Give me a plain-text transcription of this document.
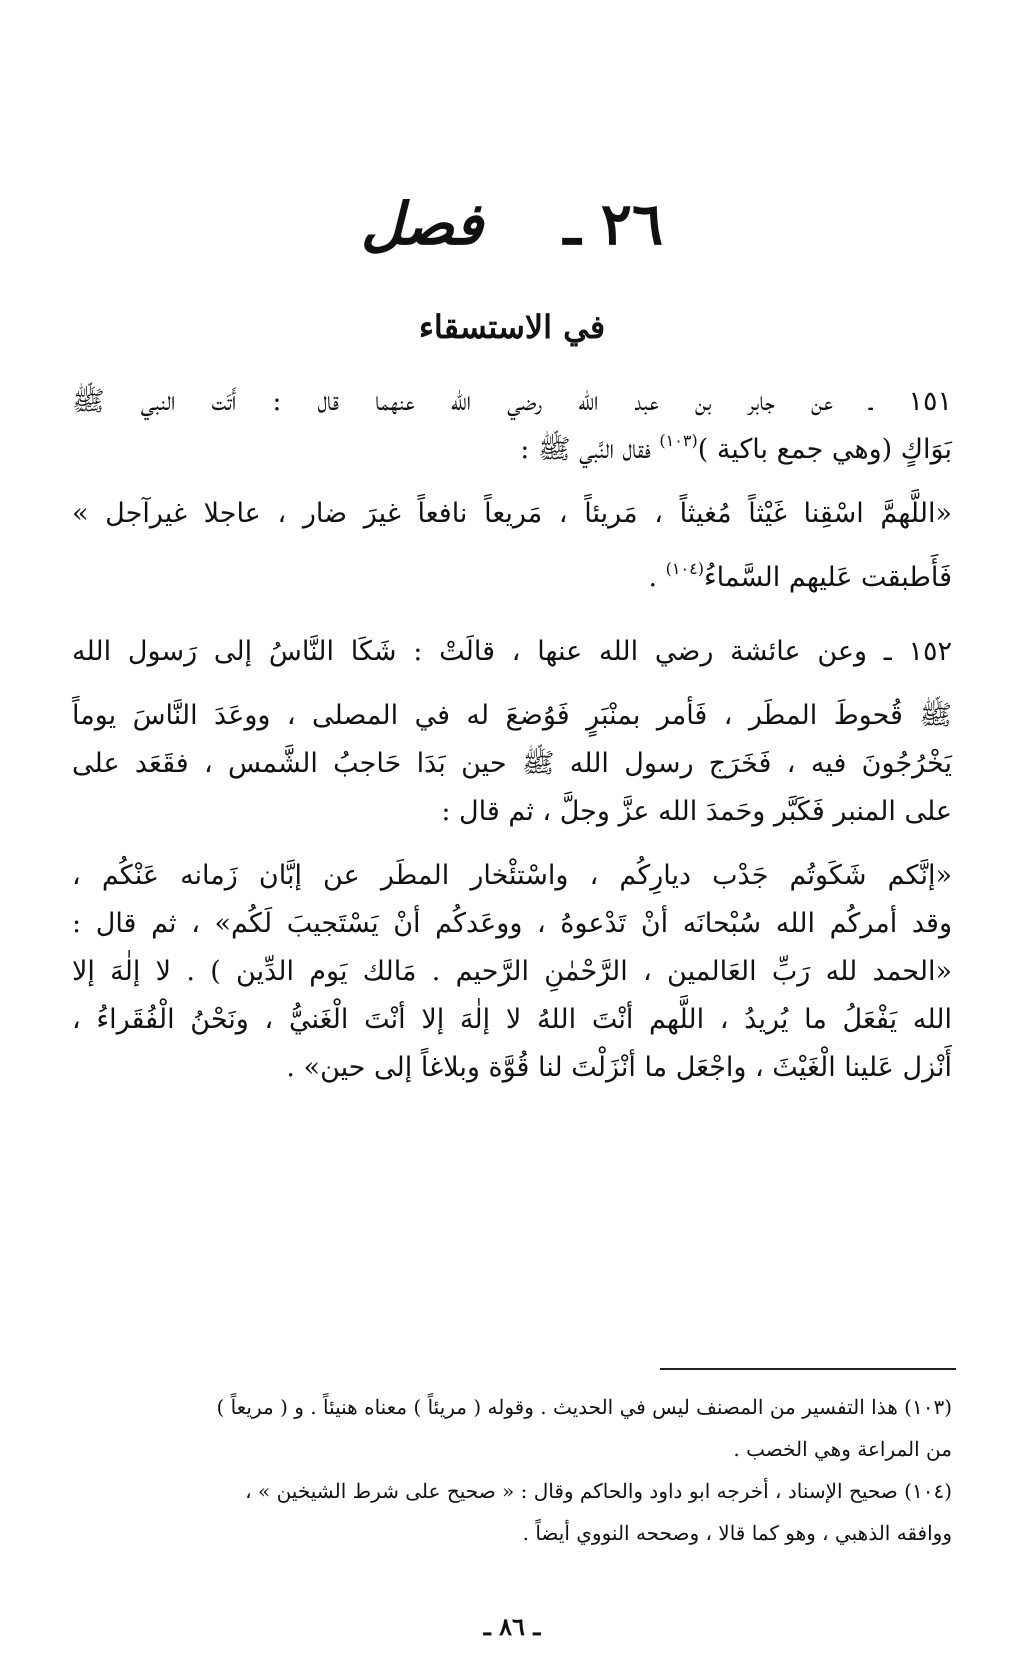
٢٦ ـ    فصل
في الاستسقاء
١٥١ ـ عن جابر بن عبد الله رضي الله عنهما قال : أَتَت النبي ﷺ
بَوَاكٍ (وهي جمع باكية )$^{(١٠٣)}$ فقال النَّبي ﷺ :
«اللَّهمَّ اسْقِنا غَيْثاً مُغيثاً ، مَريئاً ، مَريعاً نافعاً غيرَ ضار ، عاجلا غيرآجل »
فَأَطبقت عَليهم السَّماءُ$^{(١٠٤)}$ .
١٥٢ ـ وعن عائشة رضي الله عنها ، قالَتْ : شَكَا النَّاسُ إلى رَسول الله
ﷺ قُحوطَ المطَر ، فَأمر بمنْبَرٍ فَوُضعَ له في المصلى ، ووعَدَ النَّاسَ يوماً
يَخْرُجُونَ فيه ، فَخَرَج رسول الله ﷺ حين بَدَا حَاجبُ الشَّمس ، فقَعَد على
على المنبر فَكَبَّر وحَمدَ الله عزَّ وجلَّ ، ثم قال :
«إنَّكم شَكَوتُم جَدْب ديارِكُم ، واسْتئْخار المطَر عن إبَّان زَمانه عَنْكُم ،
وقد أمركُم الله سُبْحانَه أنْ تَدْعوهُ ، ووعَدكُم أنْ يَسْتَجيبَ لَكُم» ، ثم قال :
«الحمد لله رَبِّ العَالمين ، الرَّحْمٰنِ الرَّحيم . مَالك يَوم الدِّين ) . لا إلٰهَ إلا
الله يَفْعَلُ ما يُريدُ ، اللَّهم أنْتَ اللهُ لا إلٰهَ إلا أنْتَ الْغَنيُّ ، ونَحْنُ الْفُقَراءُ ،
أَنْزل عَلينا الْغَيْثَ ، واجْعَل ما أنْزَلْتَ لنا قُوَّة وبلاغاً إلى حين» .
(١٠٣) هذا التفسير من المصنف ليس في الحديث . وقوله ( مريئاً ) معناه هنيئاً . و ( مريعاً )
من المراعة وهي الخصب .
(١٠٤) صحيح الإسناد ، أخرجه ابو داود والحاكم وقال : « صحيح على شرط الشيخين » ،
ووافقه الذهبي ، وهو كما قالا ، وصححه النووي أيضاً .
ـ ٨٦ ـ
